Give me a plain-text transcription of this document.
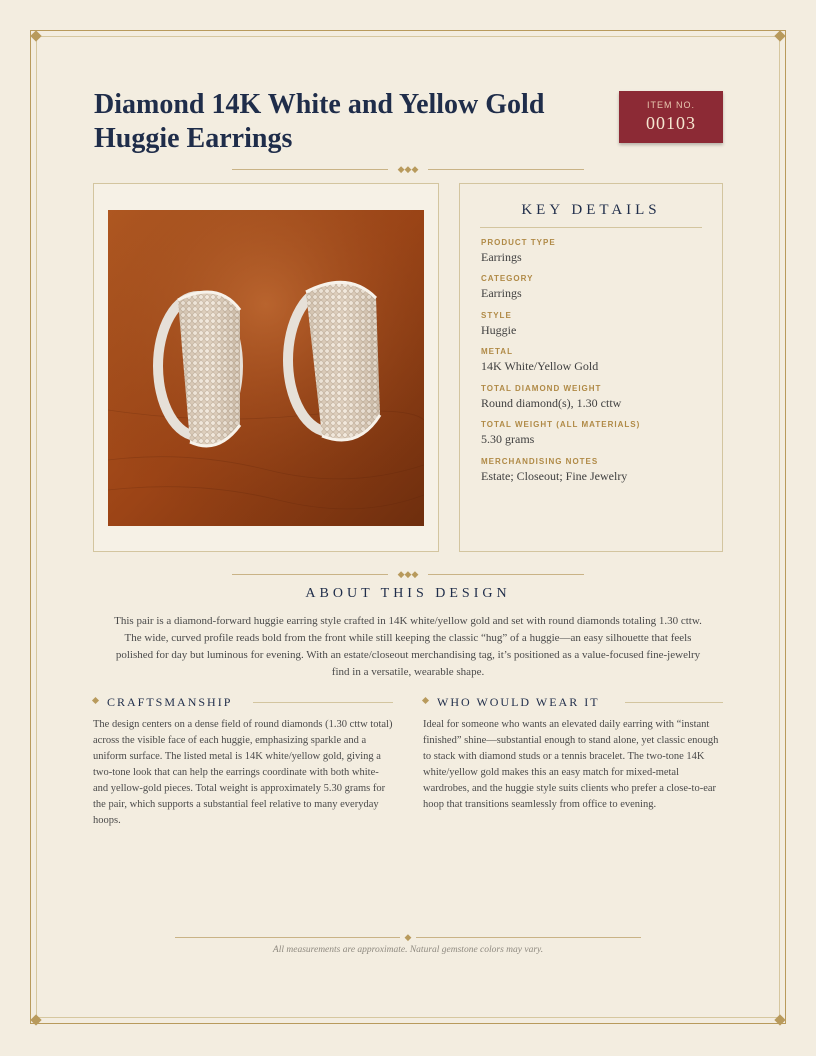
Diamond 14K White and Yellow Gold Huggie Earrings
ITEM NO.
00103
◆◆◆
KEY DETAILS
PRODUCT TYPE
Earrings
CATEGORY
Earrings
STYLE
Huggie
METAL
14K White/Yellow Gold
TOTAL DIAMOND WEIGHT
Round diamond(s), 1.30 cttw
TOTAL WEIGHT (ALL MATERIALS)
5.30 grams
MERCHANDISING NOTES
Estate; Closeout; Fine Jewelry
◆◆◆
ABOUT THIS DESIGN

This pair is a diamond-forward huggie earring style crafted in 14K white/yellow gold and set with round diamonds totaling 1.30 cttw. The wide, curved profile reads bold from the front while still keeping the classic “hug” of a huggie—an easy silhouette that feels polished for day but luminous for evening. With an estate/closeout merchandising tag, it’s positioned as a value-focused fine-jewelry find in a versatile, wearable shape.

CRAFTSMANSHIP

The design centers on a dense field of round diamonds (1.30 cttw total) across the visible face of each huggie, emphasizing sparkle and a uniform surface. The listed metal is 14K white/yellow gold, giving a two-tone look that can help the earrings coordinate with both white- and yellow-gold pieces. Total weight is approximately 5.30 grams for the pair, which supports a substantial feel relative to many everyday hoops.

WHO WOULD WEAR IT

Ideal for someone who wants an elevated daily earring with “instant finished” shine—substantial enough to stand alone, yet classic enough to stack with diamond studs or a tennis bracelet. The two-tone 14K white/yellow gold makes this an easy match for mixed-metal wardrobes, and the huggie style suits clients who prefer a close-to-ear hoop that transitions seamlessly from office to evening.

◆

All measurements are approximate. Natural gemstone colors may vary.
